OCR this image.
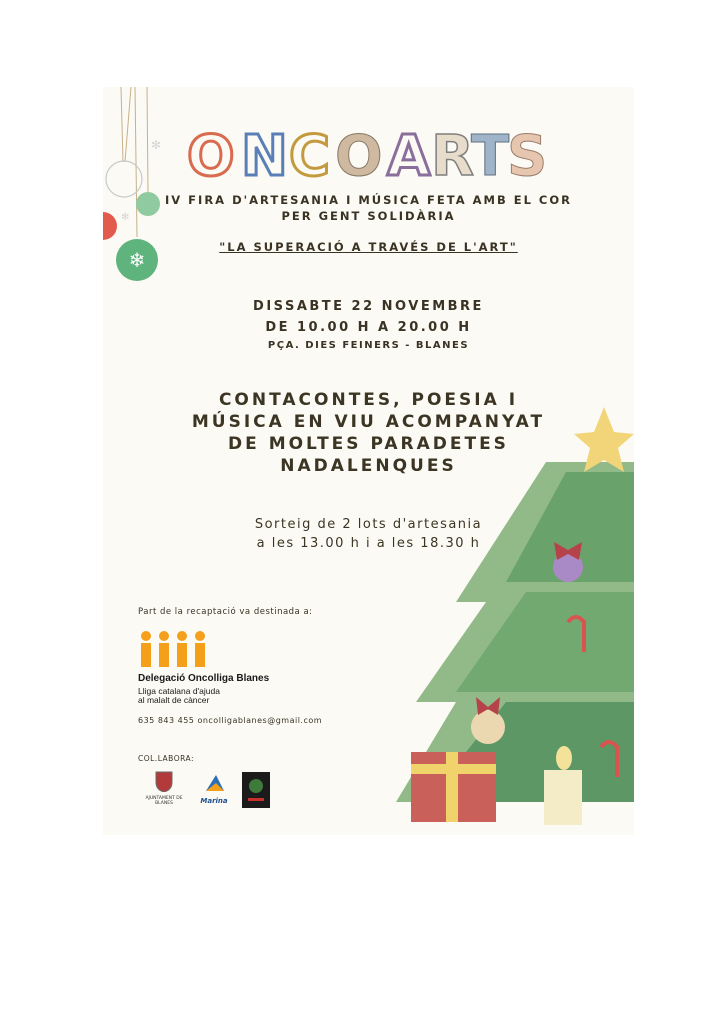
❄
✻
✻
O N C O A R
T
S
IV FIRA D'ARTESANIA I MÚSICA FETA AMB EL COR
PER GENT SOLIDÀRIA
"LA SUPERACIÓ A TRAVÉS DE L'ART"
DISSABTE 22 NOVEMBRE
DE 10.00 H A 20.00 H
PÇA. DIES FEINERS - BLANES
CONTACONTES, POESIA I
MÚSICA EN VIU ACOMPANYAT
DE MOLTES PARADETES
NADALENQUES
Sorteig de 2 lots d'artesania
a les 13.00 h i a les 18.30 h
Part de la recaptació va destinada a:
Delegació Oncolliga Blanes
Lliga catalana d'ajuda
al malalt de càncer
635 843 455 oncolligablanes@gmail.com
COL.LABORA:
AJUNTAMENT DE BLANES	Marina
